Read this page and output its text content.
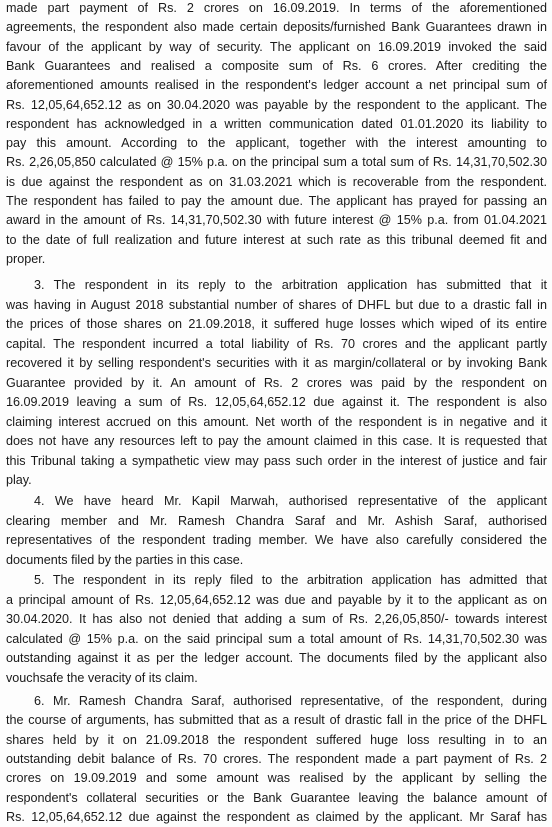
made part payment of Rs. 2 crores on 16.09.2019. In terms of the aforementioned
agreements, the respondent also made certain deposits/furnished Bank Guarantees drawn in
favour of the applicant by way of security. The applicant on 16.09.2019 invoked the said
Bank Guarantees and realised a composite sum of Rs. 6 crores. After crediting the
aforementioned amounts realised in the respondent's ledger account a net principal sum of
Rs. 12,05,64,652.12 as on 30.04.2020 was payable by the respondent to the applicant. The
respondent has acknowledged in a written communication dated 01.01.2020 its liability to
pay this amount. According to the applicant, together with the interest amounting to
Rs. 2,26,05,850 calculated @ 15% p.a. on the principal sum a total sum of Rs. 14,31,70,502.30
is due against the respondent as on 31.03.2021 which is recoverable from the respondent.
The respondent has failed to pay the amount due. The applicant has prayed for passing an
award in the amount of Rs. 14,31,70,502.30 with future interest @ 15% p.a. from 01.04.2021
to the date of full realization and future interest at such rate as this tribunal deemed fit and
proper.
3. The respondent in its reply to the arbitration application has submitted that it
was having in August 2018 substantial number of shares of DHFL but due to a drastic fall in
the prices of those shares on 21.09.2018, it suffered huge losses which wiped of its entire
capital. The respondent incurred a total liability of Rs. 70 crores and the applicant partly
recovered it by selling respondent's securities with it as margin/collateral or by invoking Bank
Guarantee provided by it. An amount of Rs. 2 crores was paid by the respondent on
16.09.2019 leaving a sum of Rs. 12,05,64,652.12 due against it. The respondent is also
claiming interest accrued on this amount. Net worth of the respondent is in negative and it
does not have any resources left to pay the amount claimed in this case. It is requested that
this Tribunal taking a sympathetic view may pass such order in the interest of justice and fair
play.
4. We have heard Mr. Kapil Marwah, authorised representative of the applicant
clearing member and Mr. Ramesh Chandra Saraf and Mr. Ashish Saraf, authorised
representatives of the respondent trading member. We have also carefully considered the
documents filed by the parties in this case.
5. The respondent in its reply filed to the arbitration application has admitted that
a principal amount of Rs. 12,05,64,652.12 was due and payable by it to the applicant as on
30.04.2020. It has also not denied that adding a sum of Rs. 2,26,05,850/- towards interest
calculated @ 15% p.a. on the said principal sum a total amount of Rs. 14,31,70,502.30 was
outstanding against it as per the ledger account. The documents filed by the applicant also
vouchsafe the veracity of its claim.
6. Mr. Ramesh Chandra Saraf, authorised representative, of the respondent, during
the course of arguments, has submitted that as a result of drastic fall in the price of the DHFL
shares held by it on 21.09.2018 the respondent suffered huge loss resulting in to an
outstanding debit balance of Rs. 70 crores. The respondent made a part payment of Rs. 2
crores on 19.09.2019 and some amount was realised by the applicant by selling the
respondent's collateral securities or the Bank Guarantee leaving the balance amount of
Rs. 12,05,64,652.12 due against the respondent as claimed by the applicant. Mr Saraf has
